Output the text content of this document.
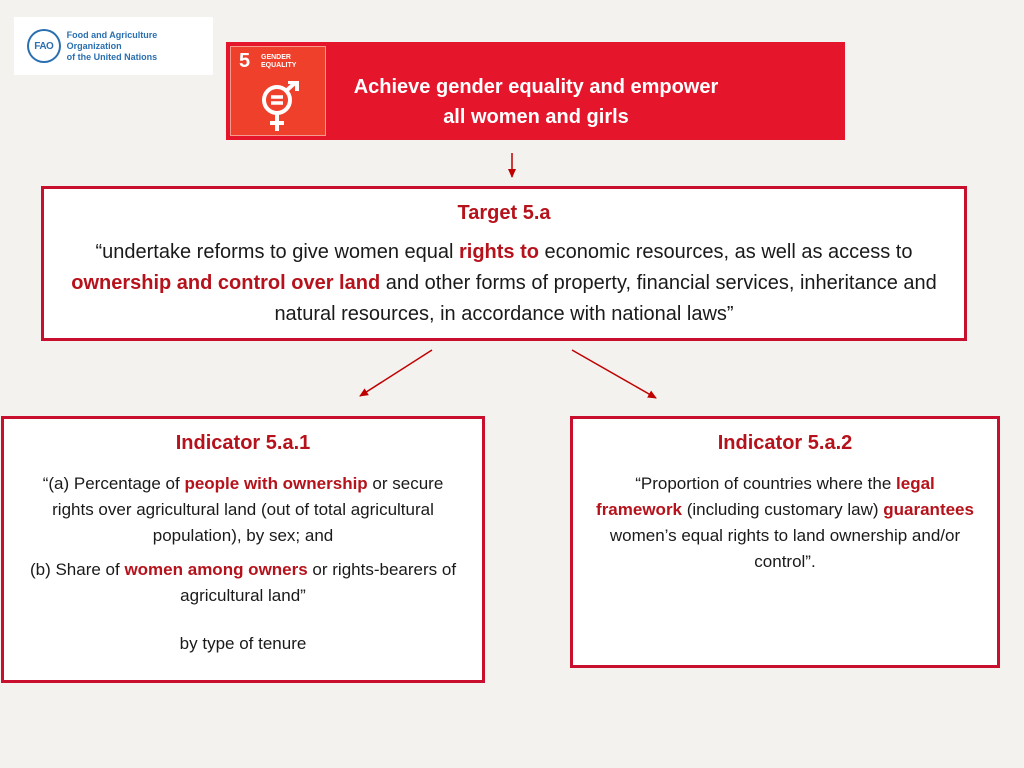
FAO
Food and Agriculture Organization
of the United Nations	5 GENDER
EQUALITY
Achieve gender equality and empower
all women and girls
Target 5.a
“undertake reforms to give women equal rights to economic resources, as well as access to ownership and control over land and other forms of property, financial services, inheritance and natural resources, in accordance with national laws”
Indicator 5.a.1

“(a) Percentage of people with ownership or secure rights over agricultural land (out of total agricultural population), by sex; and

(b) Share of women among owners or rights-bearers of agricultural land”

by type of tenure

Indicator 5.a.2
“Proportion of countries where the legal framework (including customary law) guarantees women’s equal rights to land ownership and/or control”.
